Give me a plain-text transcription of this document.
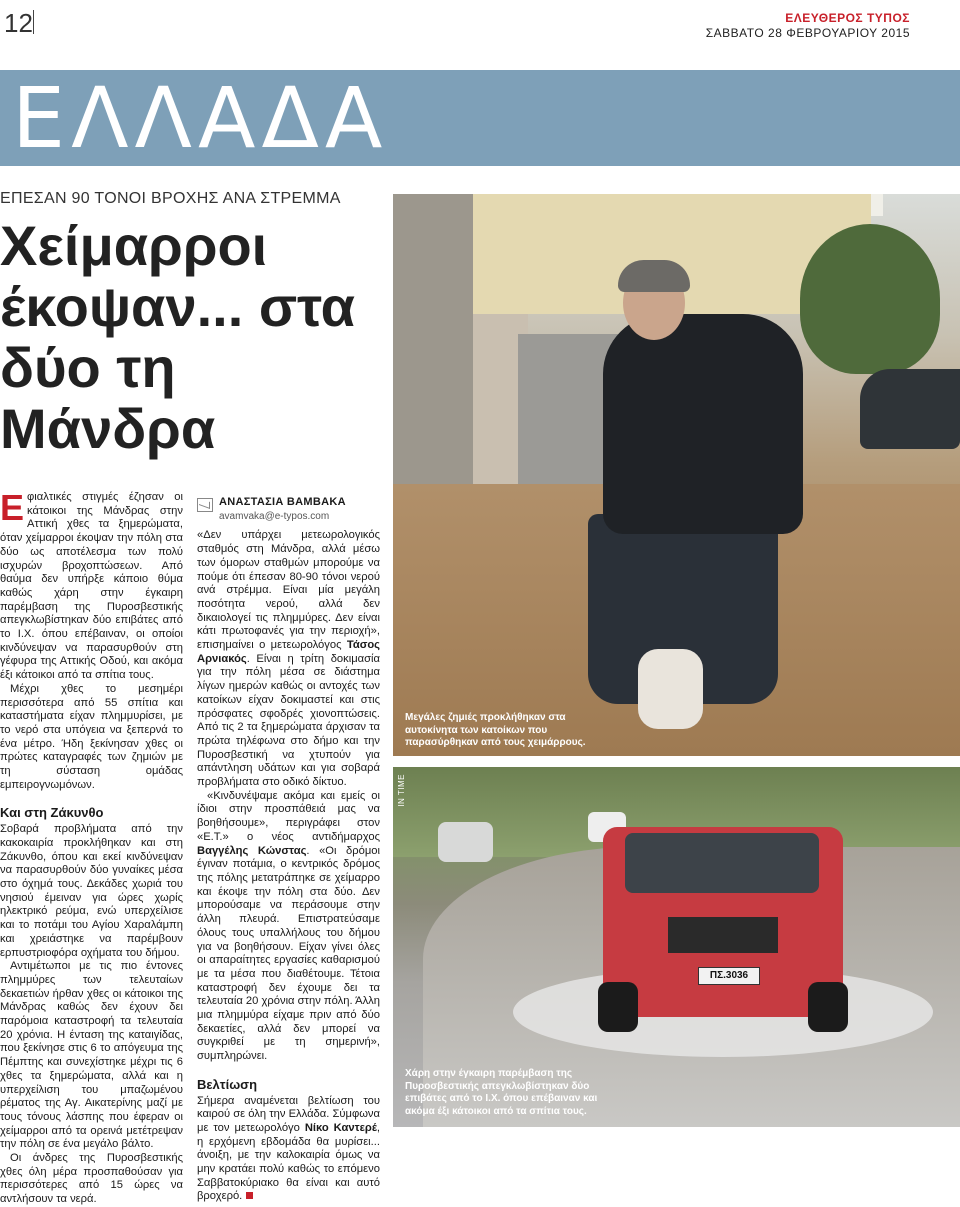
12	ΕΛΕΥΘΕΡΟΣ ΤΥΠΟΣ
ΣΑΒΒΑΤΟ 28 ΦΕΒΡΟΥΑΡΙΟΥ 2015
ΕΛΛΑΔΑ
ΕΠΕΣΑΝ 90 ΤΟΝΟΙ ΒΡΟΧΗΣ ΑΝΑ ΣΤΡΕΜΜΑ
Χείμαρροι έκοψαν... στα δύο τη Μάνδρα

Εφιαλτικές στιγμές έζησαν οι κάτοικοι της Μάνδρας στην Αττική χθες τα ξημερώματα, όταν χείμαρροι έκοψαν την πόλη στα δύο ως αποτέλεσμα των πολύ ισχυρών βροχοπτώσεων. Από θαύμα δεν υπήρξε κάποιο θύμα καθώς χάρη στην έγκαιρη παρέμβαση της Πυροσβεστικής απεγκλωβίστηκαν δύο επιβάτες από το Ι.Χ. όπου επέβαιναν, οι οποίοι κινδύνεψαν να παρασυρθούν στη γέφυρα της Αττικής Οδού, και ακόμα έξι κάτοικοι από τα σπίτια τους.

Μέχρι χθες το μεσημέρι περισσότερα από 55 σπίτια και καταστήματα είχαν πλημμυρίσει, με το νερό στα υπόγεια να ξεπερνά το ένα μέτρο. Ήδη ξεκίνησαν χθες οι πρώτες καταγραφές των ζημιών με τη σύσταση ομάδας εμπειρογνωμόνων.

Και στη Ζάκυνθο

Σοβαρά προβλήματα από την κακοκαιρία προκλήθηκαν και στη Ζάκυνθο, όπου και εκεί κινδύνεψαν να παρασυρθούν δύο γυναίκες μέσα στο όχημά τους. Δεκάδες χωριά του νησιού έμειναν για ώρες χωρίς ηλεκτρικό ρεύμα, ενώ υπερχείλισε και το ποτάμι του Αγίου Χαραλάμπη και χρειάστηκε να παρέμβουν ερπυστριοφόρα οχήματα του δήμου.

Αντιμέτωποι με τις πιο έντονες πλημμύρες των τελευταίων δεκαετιών ήρθαν χθες οι κάτοικοι της Μάνδρας καθώς δεν έχουν δει παρόμοια καταστροφή τα τελευταία 20 χρόνια. Η ένταση της καταιγίδας, που ξεκίνησε στις 6 το απόγευμα της Πέμπτης και συνεχίστηκε μέχρι τις 6 χθες τα ξημερώματα, αλλά και η υπερχείλιση του μπαζωμένου ρέματος της Αγ. Αικατερίνης μαζί με τους τόνους λάσπης που έφεραν οι χείμαρροι από τα ορεινά μετέτρεψαν την πόλη σε ένα μεγάλο βάλτο.

Οι άνδρες της Πυροσβεστικής χθες όλη μέρα προσπαθούσαν για περισσότερες από 15 ώρες να αντλήσουν τα νερά.

ΑΝΑΣΤΑΣΙΑ ΒΑΜΒΑΚΑ
avamvaka@e-typos.com

«Δεν υπάρχει μετεωρολογικός σταθμός στη Μάνδρα, αλλά μέσω των όμορων σταθμών μπορούμε να πούμε ότι έπεσαν 80-90 τόνοι νερού ανά στρέμμα. Είναι μία μεγάλη ποσότητα νερού, αλλά δεν δικαιολογεί τις πλημμύρες. Δεν είναι κάτι πρωτοφανές για την περιοχή», επισημαίνει ο μετεωρολόγος Τάσος Αρνιακός. Είναι η τρίτη δοκιμασία για την πόλη μέσα σε διάστημα λίγων ημερών καθώς οι αντοχές των κατοίκων είχαν δοκιμαστεί και στις πρόσφατες σφοδρές χιονοπτώσεις. Από τις 2 τα ξημερώματα άρχισαν τα πρώτα τηλέφωνα στο δήμο και την Πυροσβεστική να χτυπούν για απάντληση υδάτων και για σοβαρά προβλήματα στο οδικό δίκτυο.

«Κινδυνέψαμε ακόμα και εμείς οι ίδιοι στην προσπάθειά μας να βοηθήσουμε», περιγράφει στον «Ε.Τ.» ο νέος αντιδήμαρχος Βαγγέλης Κώνστας. «Οι δρόμοι έγιναν ποτάμια, ο κεντρικός δρόμος της πόλης μετατράπηκε σε χείμαρρο και έκοψε την πόλη στα δύο. Δεν μπορούσαμε να περάσουμε στην άλλη πλευρά. Επιστρατεύσαμε όλους τους υπαλλήλους του δήμου για να βοηθήσουν. Είχαν γίνει όλες οι απαραίτητες εργασίες καθαρισμού με τα μέσα που διαθέτουμε. Τέτοια καταστροφή δεν έχουμε δει τα τελευταία 20 χρόνια στην πόλη. Άλλη μια πλημμύρα είχαμε πριν από δύο δεκαετίες, αλλά δεν μπορεί να συγκριθεί με τη σημερινή», συμπληρώνει.

Βελτίωση

Σήμερα αναμένεται βελτίωση του καιρού σε όλη την Ελλάδα. Σύμφωνα με τον μετεωρολόγο Νίκο Καντερέ, η ερχόμενη εβδομάδα θα μυρίσει... άνοιξη, με την καλοκαιρία όμως να μην κρατάει πολύ καθώς το επόμενο Σαββατοκύριακο θα είναι και αυτό βροχερό.

Μεγάλες ζημιές προκλήθηκαν στα αυτοκίνητα των κατοίκων που παρασύρθηκαν από τους χειμάρρους.
ΠΣ.3036
IN TIME
Χάρη στην έγκαιρη παρέμβαση της Πυροσβεστικής απεγκλωβίστηκαν δύο επιβάτες από το Ι.Χ. όπου επέβαιναν και ακόμα έξι κάτοικοι από τα σπίτια τους.
